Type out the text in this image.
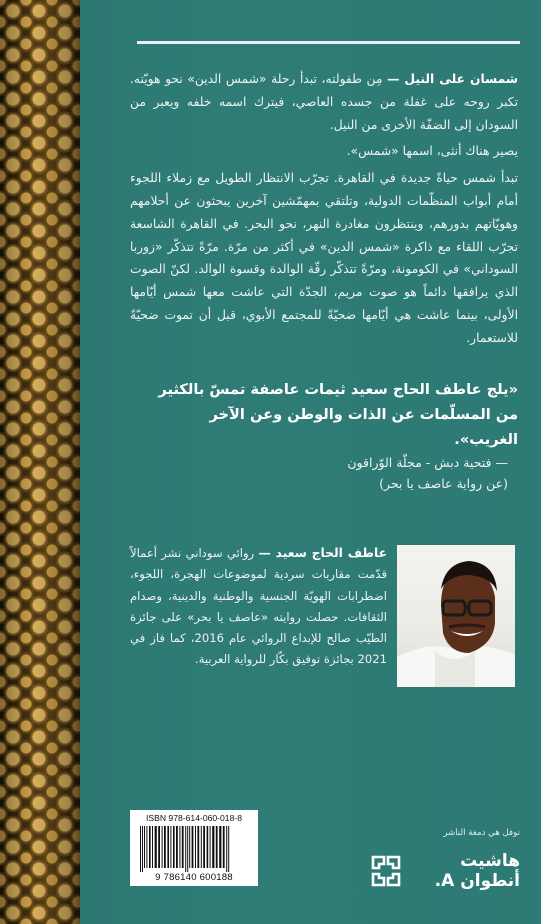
شمسان على النيل — مِن طفولته، تبدأ رحلة «شمس الدين» نحو هويّته. تكبر روحه على غفلة من جسده العاصي، فيترك اسمه خلفه ويعبر من السودان إلى الضفّة الأخرى من النيل.

يصير هناك أنثى، اسمها «شمس».

تبدأ شمس حياةً جديدة في القاهرة. تجرّب الانتظار الطويل مع زملاء اللجوء أمام أبواب المنظّمات الدولية، وتلتقي بمهمّشين آخرين يبحثون عن أحلامهم وهويّاتهم بدورهم، وينتظرون مغادرة النهر، نحو البحر. في القاهرة الشاسعة تجرّب اللقاء مع ذاكرة «شمس الدين» في أكثر من مرّة. مرّةً تتذكّر «زوربا السوداني» في الكومونة، ومرّةً تتذكّر رقّة الوالدة وقسوة الوالد. لكنّ الصوت الذي يرافقها دائماً هو صوت مريم، الجدّة التي عاشت معها شمس أيّامها الأولى، بينما عاشت هي أيّامها ضحيّةً للمجتمع الأبوي، قبل أن تموت ضحيّةً للاستعمار.

«يلج عاطف الحاج سعيد ثيمات عاصفة تمسّ بالكثير من المسلّمات عن الذات والوطن وعن الآخر الغريب».
— فتحية دبش - مجلّة الوّراقون
(عن رواية عاصف يا بحر)
عاطف الحاج سعيد — روائي سوداني نشر أعمالاً قدّمت مقاربات سردية لموضوعات الهجرة، اللجوء، اضطرابات الهويّة الجنسية والوطنية والدينية، وصدام الثقافات. حصلت روايته «عاصف يا بحر» على جائزة الطيّب صالح للإبداع الروائي عام 2016، كما فاز في 2021 بجائزة توفيق بكّار للرواية العربية.
ISBN 978-614-060-018-8
9 786140 600188
نوفل هي دمغة الناشر
هاشيت
أنطوان A.
